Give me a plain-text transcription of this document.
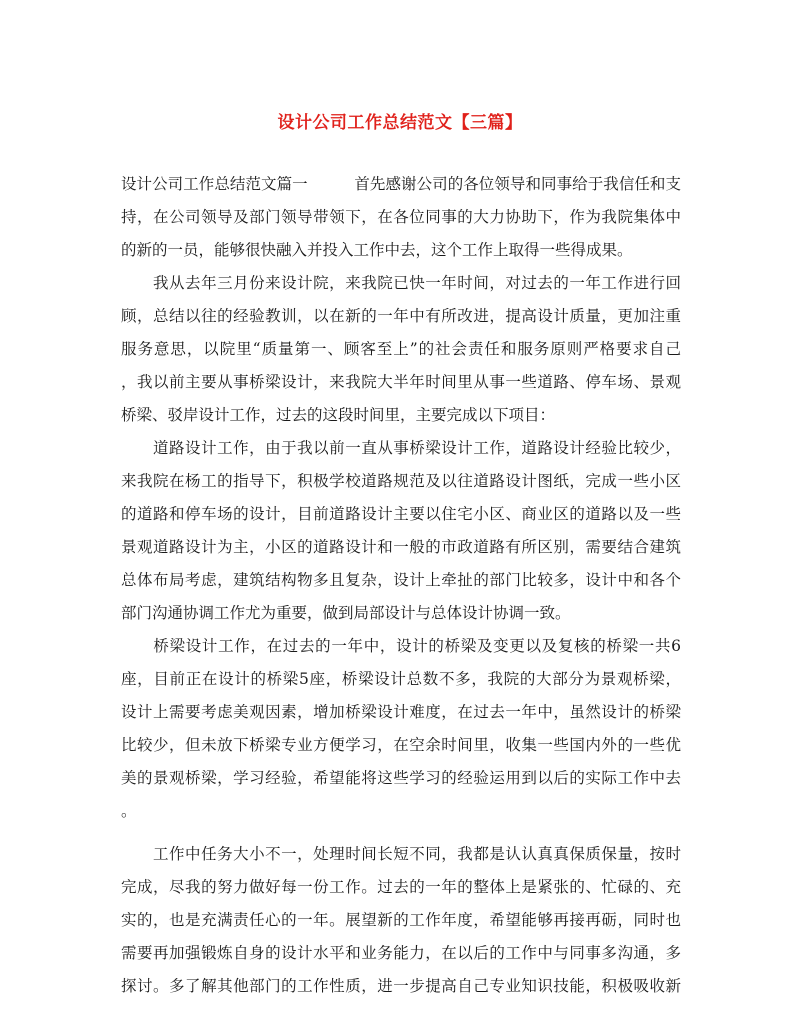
设计公司工作总结范文【三篇】
设计公司工作总结范文篇一　　　首先感谢公司的各位领导和同事给于我信任和支
持，在公司领导及部门领导带领下，在各位同事的大力协助下，作为我院集体中
的新的一员，能够很快融入并投入工作中去，这个工作上取得一些得成果。
　　我从去年三月份来设计院，来我院已快一年时间，对过去的一年工作进行回
顾，总结以往的经验教训，以在新的一年中有所改进，提高设计质量，更加注重
服务意思，以院里“质量第一、顾客至上”的社会责任和服务原则严格要求自己
，我以前主要从事桥梁设计，来我院大半年时间里从事一些道路、停车场、景观
桥梁、驳岸设计工作，过去的这段时间里，主要完成以下项目：
　　道路设计工作，由于我以前一直从事桥梁设计工作，道路设计经验比较少，
来我院在杨工的指导下，积极学校道路规范及以往道路设计图纸，完成一些小区
的道路和停车场的设计，目前道路设计主要以住宅小区、商业区的道路以及一些
景观道路设计为主，小区的道路设计和一般的市政道路有所区别，需要结合建筑
总体布局考虑，建筑结构物多且复杂，设计上牵扯的部门比较多，设计中和各个
部门沟通协调工作尤为重要，做到局部设计与总体设计协调一致。
　　桥梁设计工作，在过去的一年中，设计的桥梁及变更以及复核的桥梁一共6
座，目前正在设计的桥梁5座，桥梁设计总数不多，我院的大部分为景观桥梁，
设计上需要考虑美观因素，增加桥梁设计难度，在过去一年中，虽然设计的桥梁
比较少，但未放下桥梁专业方便学习，在空余时间里，收集一些国内外的一些优
美的景观桥梁，学习经验，希望能将这些学习的经验运用到以后的实际工作中去
。
　　工作中任务大小不一，处理时间长短不同，我都是认认真真保质保量，按时
完成，尽我的努力做好每一份工作。过去的一年的整体上是紧张的、忙碌的、充
实的，也是充满责任心的一年。展望新的工作年度，希望能够再接再砺，同时也
需要再加强锻炼自身的设计水平和业务能力，在以后的工作中与同事多沟通，多
探讨。多了解其他部门的工作性质，进一步提高自己专业知识技能，积极吸收新
